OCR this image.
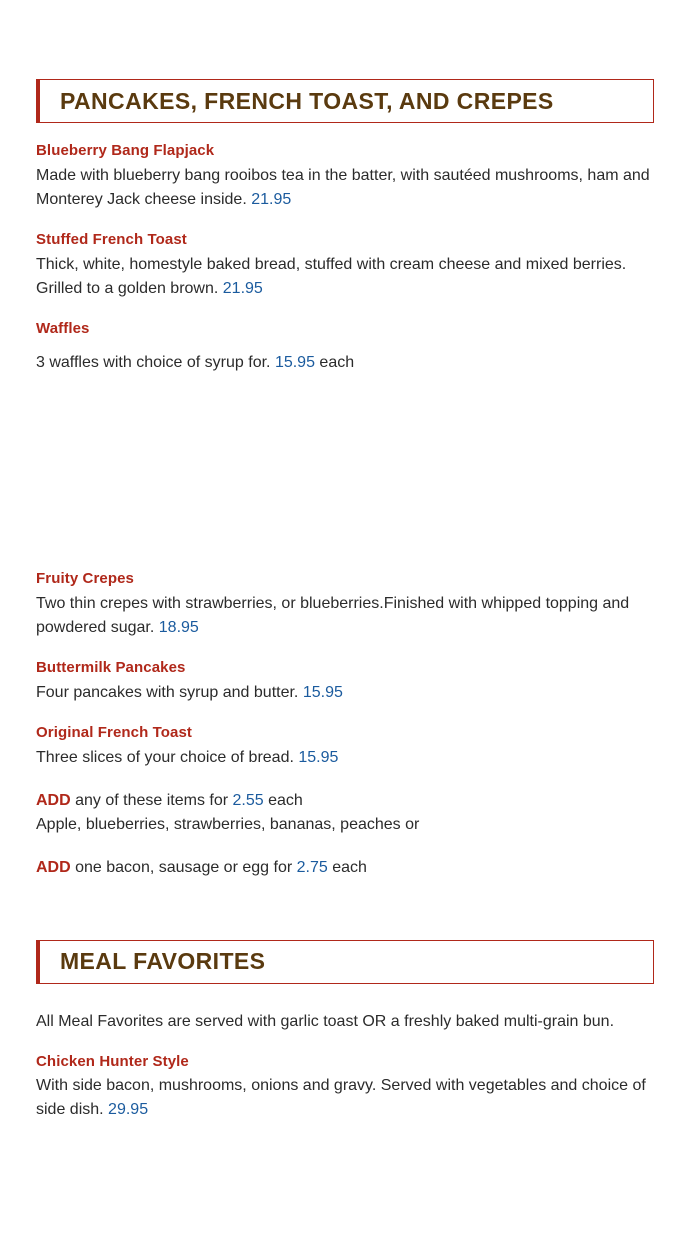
PANCAKES, FRENCH TOAST, AND CREPES
Blueberry Bang Flapjack
Made with blueberry bang rooibos tea in the batter, with sautéed mushrooms, ham and Monterey Jack cheese inside. 21.95
Stuffed French Toast
Thick, white, homestyle baked bread, stuffed with cream cheese and mixed berries. Grilled to a golden brown. 21.95
Waffles
3 waffles with choice of syrup for. 15.95 each
Fruity Crepes
Two thin crepes with strawberries, or blueberries.Finished with whipped topping and powdered sugar. 18.95
Buttermilk Pancakes
Four pancakes with syrup and butter. 15.95
Original French Toast
Three slices of your choice of bread. 15.95
ADD any of these items for 2.55 each
Apple, blueberries, strawberries, bananas, peaches or
ADD one bacon, sausage or egg for 2.75 each
MEAL FAVORITES

All Meal Favorites are served with garlic toast OR a freshly baked multi-grain bun.

Chicken Hunter Style
With side bacon, mushrooms, onions and gravy. Served with vegetables and choice of side dish. 29.95
